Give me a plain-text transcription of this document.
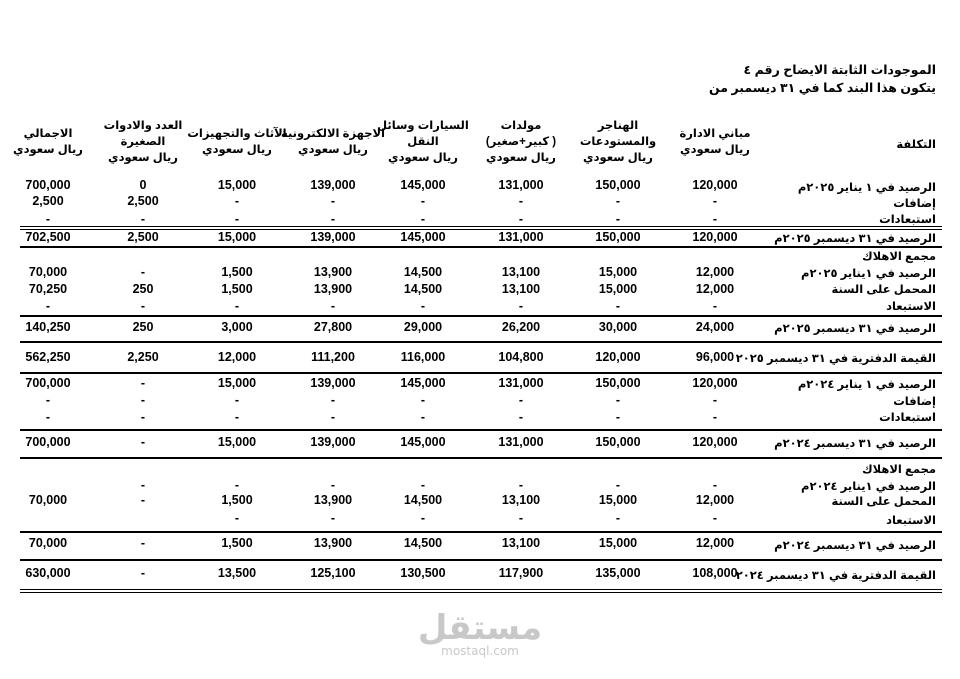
الموجودات الثابتة الايضاح رقم ٤
يتكون هذا البند كما في ٣١ ديسمبر من
مباني الادارة
ريال سعودي
الهناجر
والمستودعات
ريال سعودي
مولدات
( كبير+صغير)
ريال سعودي
السيارات وسائل
النقل
ريال سعودي
الاجهزة الالكترونية
ريال سعودي
الآثاث والتجهيزات
ريال سعودي
العدد والادوات
الصغيرة
ريال سعودي
الاجمالي
ريال سعودي	التكلفة
الرصيد في ١ يناير ٢٠٢٥م
120,000
150,000
131,000
145,000
139,000
15,000
0
700,000
إضافات
-
-
-
-
-
-
2,500
2,500
استبعادات
-
-
-
-
-
-
-
-
الرصيد في ٣١ ديسمبر ٢٠٢٥م
120,000
150,000
131,000
145,000
139,000
15,000
2,500
702,500
مجمع الاهلاك
الرصيد في ١يناير ٢٠٢٥م
12,000
15,000
13,100
14,500
13,900
1,500
-
70,000
المحمل على السنة
12,000
15,000
13,100
14,500
13,900
1,500
250
70,250
الاستبعاد
-
-
-
-
-
-
-
-
الرصيد في ٣١ ديسمبر ٢٠٢٥م
24,000
30,000
26,200
29,000
27,800
3,000
250
140,250
القيمة الدفترية في ٣١ ديسمبر ٢٠٢٥
96,000
120,000
104,800
116,000
111,200
12,000
2,250
562,250
الرصيد في ١ يناير ٢٠٢٤م
120,000
150,000
131,000
145,000
139,000
15,000
-
700,000
إضافات
-
-
-
-
-
-
-
-
استبعادات
-
-
-
-
-
-
-
-
الرصيد في ٣١ ديسمبر ٢٠٢٤م
120,000
150,000
131,000
145,000
139,000
15,000
-
700,000
مجمع الاهلاك
الرصيد في ١يناير ٢٠٢٤م
-
-
-
-
-
-
-
المحمل على السنة
12,000
15,000
13,100
14,500
13,900
1,500
-
70,000
الاستبعاد
-
-
-
-
-
-
الرصيد في ٣١ ديسمبر ٢٠٢٤م
12,000
15,000
13,100
14,500
13,900
1,500
-
70,000
القيمة الدفترية في ٣١ ديسمبر ٢٠٢٤
108,000
135,000
117,900
130,500
125,100
13,500
-
630,000
مستقل
mostaql.com
